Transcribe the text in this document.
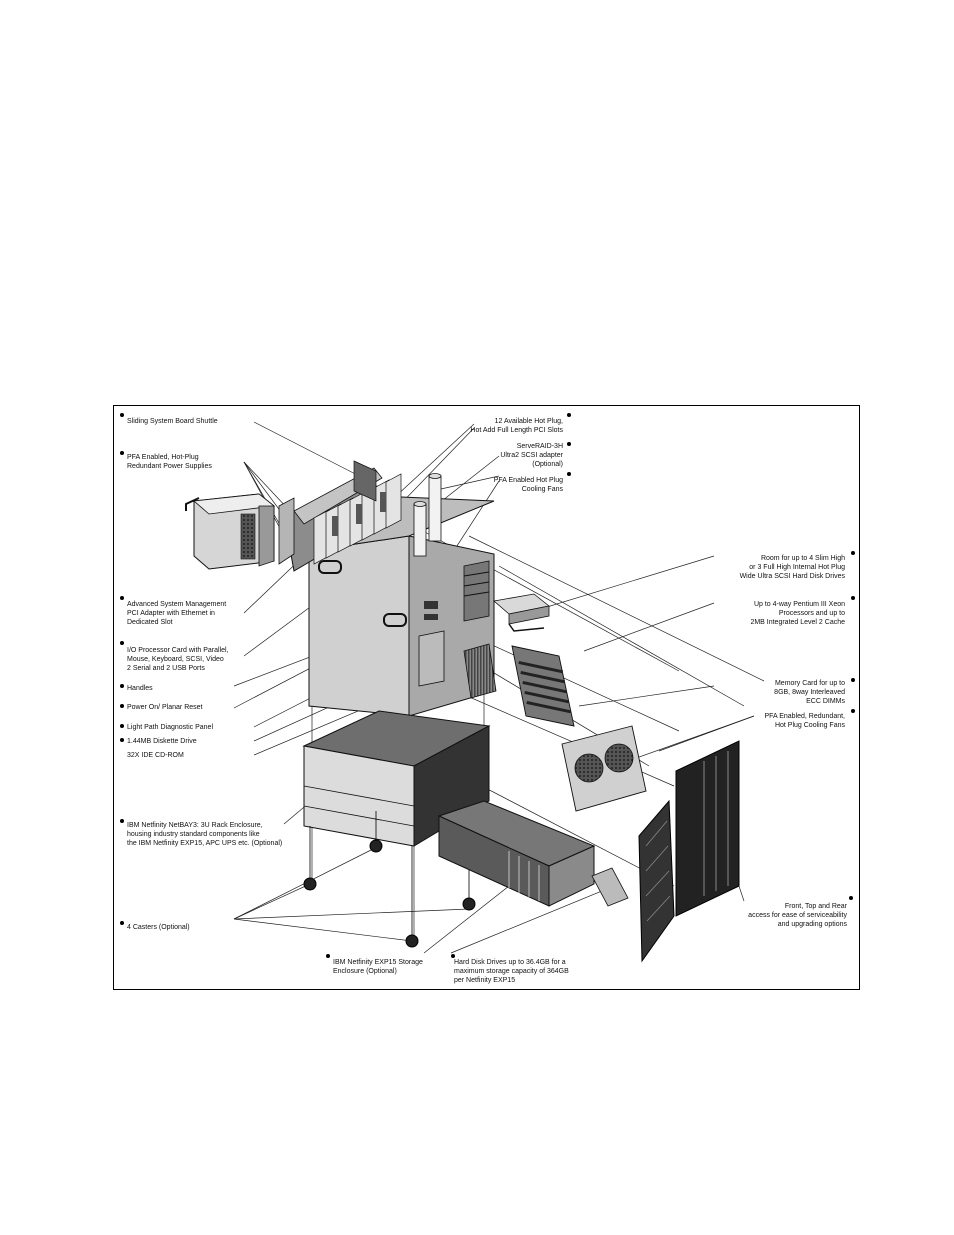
Sliding System Board Shuttle
PFA Enabled, Hot-Plug
Redundant Power Supplies
12 Available Hot Plug,
Hot Add Full Length PCI Slots
ServeRAID-3H
Ultra2 SCSI adapter
(Optional)
PFA Enabled Hot Plug
Cooling Fans
Room for up to 4 Slim High
or 3 Full High Internal Hot Plug
Wide Ultra SCSI Hard Disk Drives
Up to 4-way Pentium III Xeon
Processors and up to
2MB Integrated Level 2 Cache
Advanced System Management
PCI Adapter with Ethernet in
Dedicated Slot
I/O Processor Card with Parallel,
Mouse, Keyboard, SCSI, Video
2 Serial and 2 USB Ports
Memory Card for up to
8GB, 8way Interleaved
ECC DIMMs
Handles
Power On/ Planar Reset
PFA Enabled, Redundant,
Hot Plug Cooling Fans
Light Path Diagnostic Panel
1.44MB Diskette Drive
32X IDE CD-ROM
IBM Netfinity NetBAY3: 3U Rack Enclosure,
housing industry standard components like
the IBM Netfinity EXP15, APC UPS etc. (Optional)
Front, Top and Rear
access for ease of serviceability
and upgrading options
4 Casters (Optional)
IBM Netfinity EXP15 Storage
Enclosure (Optional)
Hard Disk Drives up to 36.4GB for a
maximum storage capacity of 364GB
per Netfinity EXP15
